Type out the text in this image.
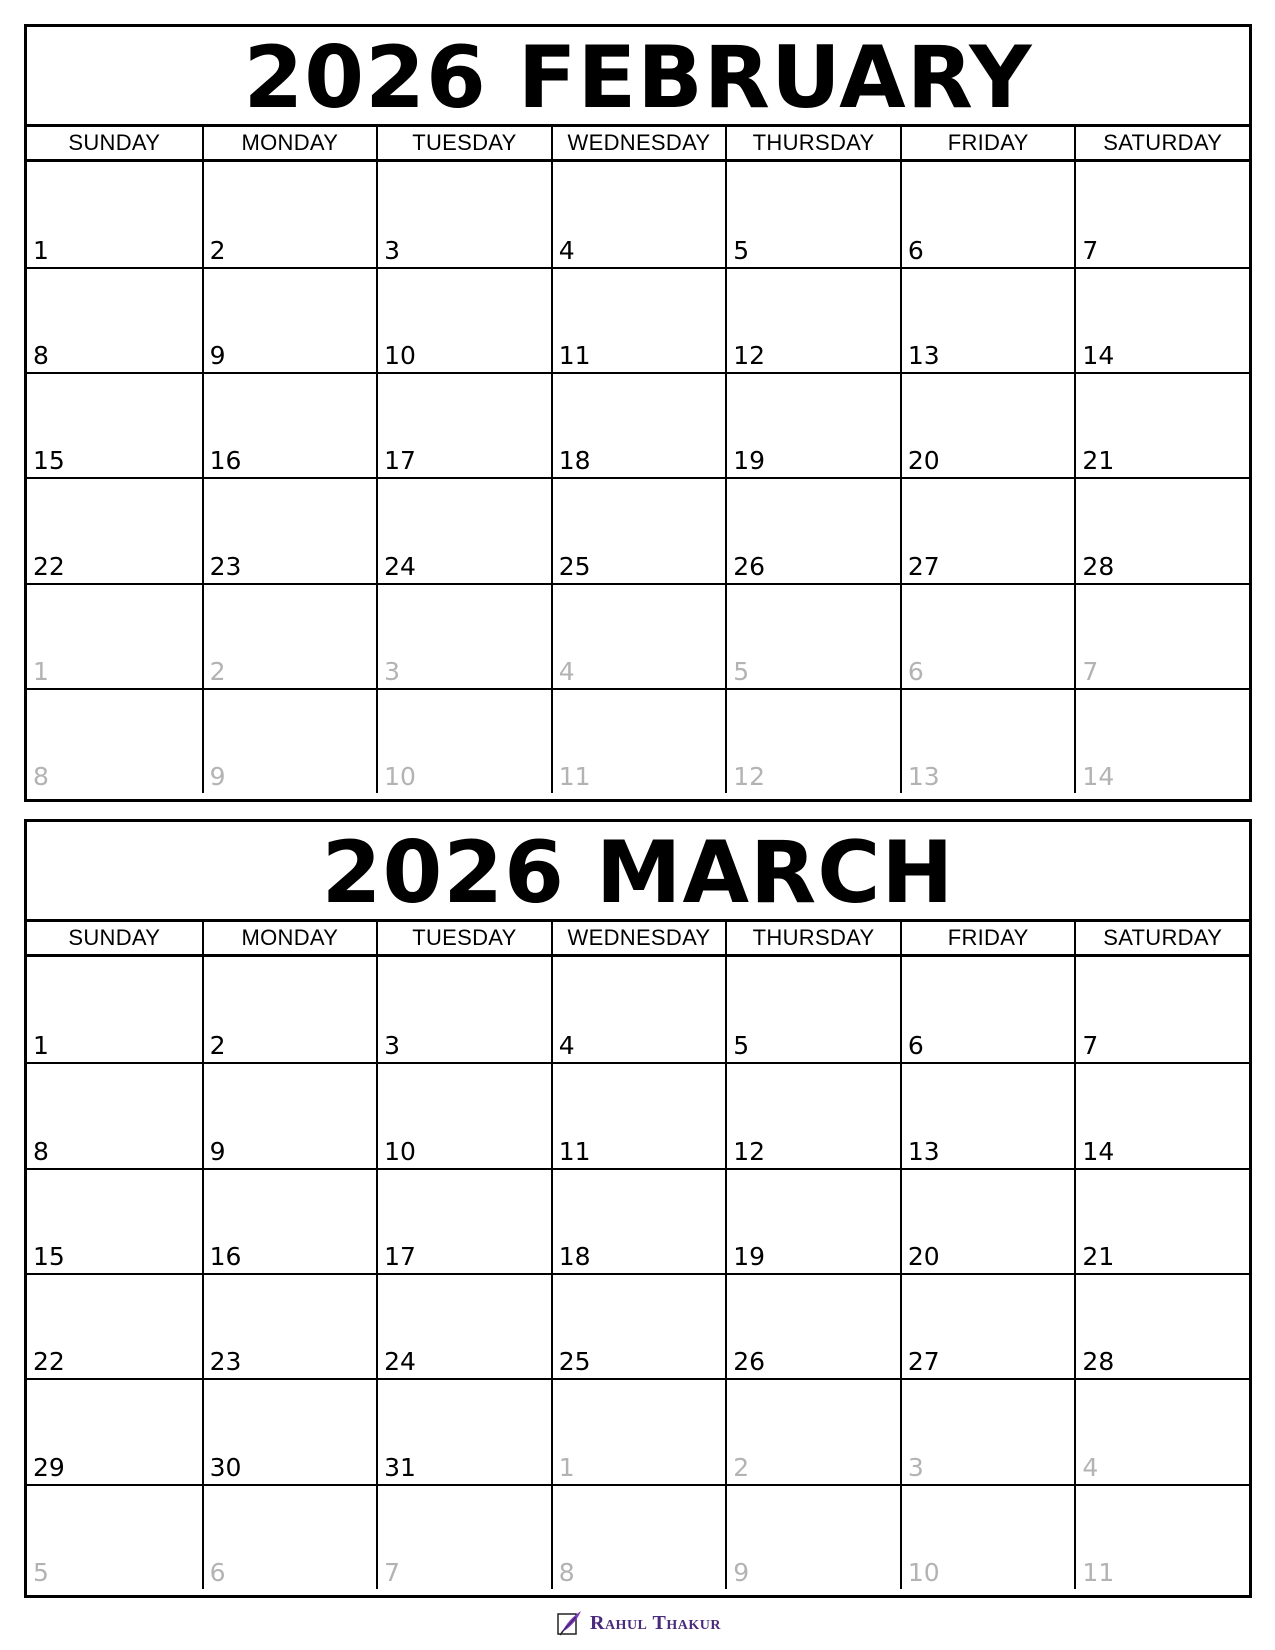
2026 FEBRUARY
SUNDAY	MONDAY	TUESDAY	WEDNESDAY	THURSDAY	FRIDAY	SATURDAY
1	2	3	4	5	6	7
8	9	10	11	12	13	14
15	16	17	18	19	20	21
22	23	24	25	26	27	28
1	2	3	4	5	6	7
8	9	10	11	12	13	14
2026 MARCH
SUNDAY	MONDAY	TUESDAY	WEDNESDAY	THURSDAY	FRIDAY	SATURDAY
1	2	3	4	5	6	7
8	9	10	11	12	13	14
15	16	17	18	19	20	21
22	23	24	25	26	27	28
29	30	31	1	2	3	4
5	6	7	8	9	10	11
Rahul Thakur
